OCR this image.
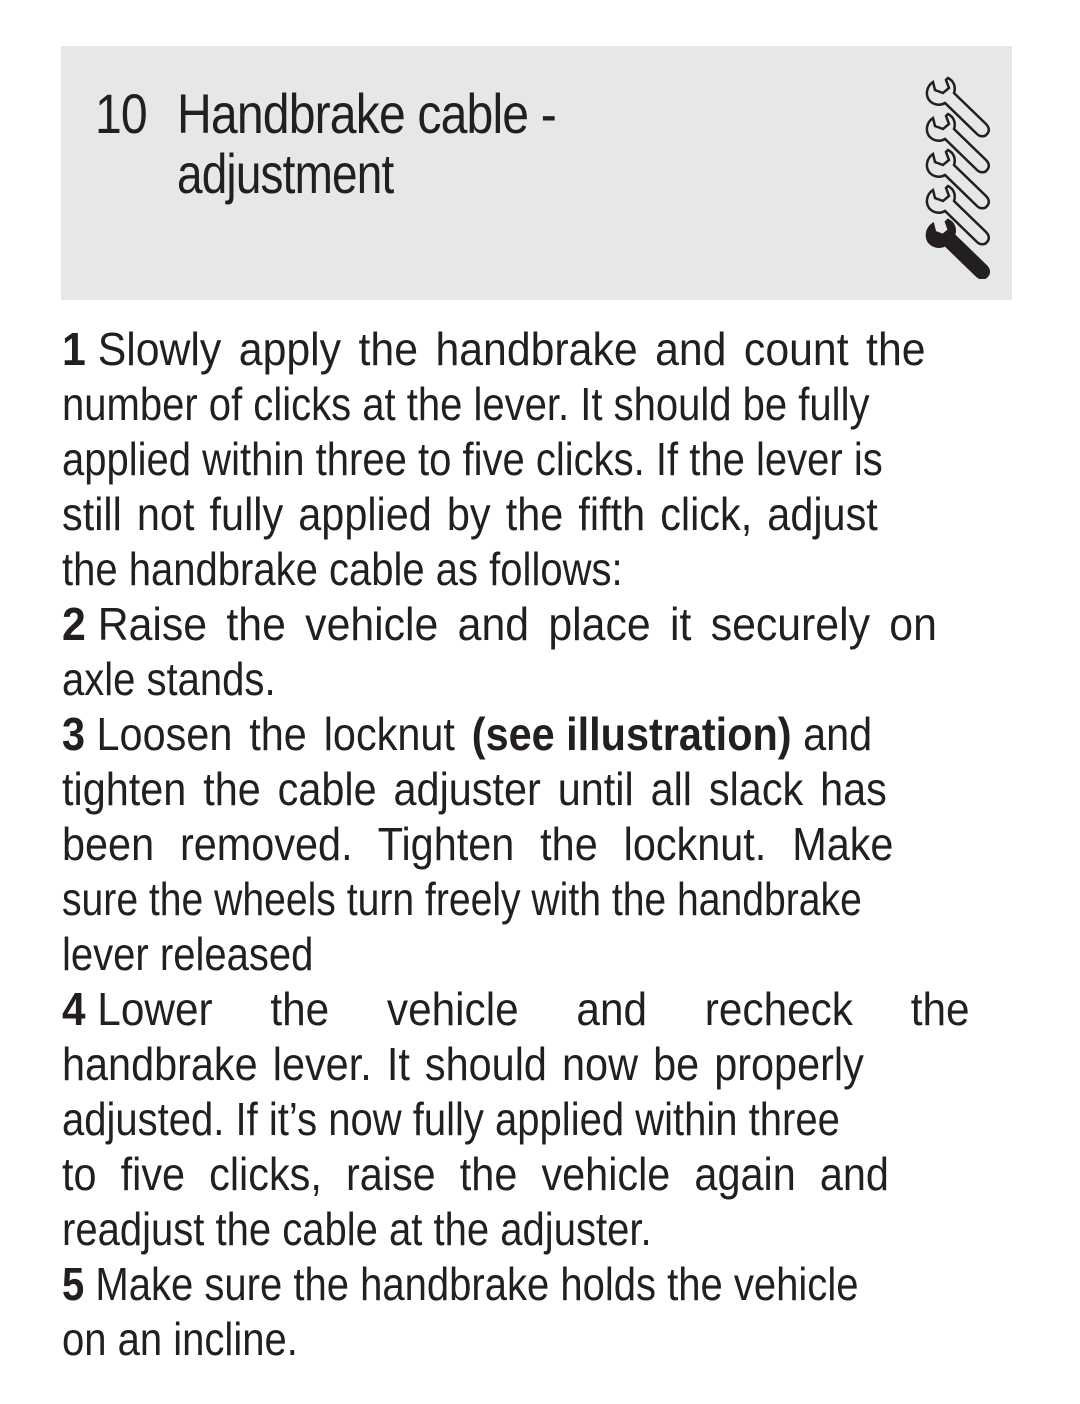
10 Handbrake cable -
adjustment
1 Slowly apply the handbrake and count the
number of clicks at the lever. It should be fully
applied within three to five clicks. If the lever is
still not fully applied by the fifth click, adjust
the handbrake cable as follows:
2 Raise the vehicle and place it securely on
axle stands.
3 Loosen the locknut (see illustration) and
tighten the cable adjuster until all slack has
been removed. Tighten the locknut. Make
sure the wheels turn freely with the handbrake
lever released
4 Lower the vehicle and recheck the
handbrake lever. It should now be properly
adjusted. If it’s now fully applied within three
to five clicks, raise the vehicle again and
readjust the cable at the adjuster.
5 Make sure the handbrake holds the vehicle
on an incline.
